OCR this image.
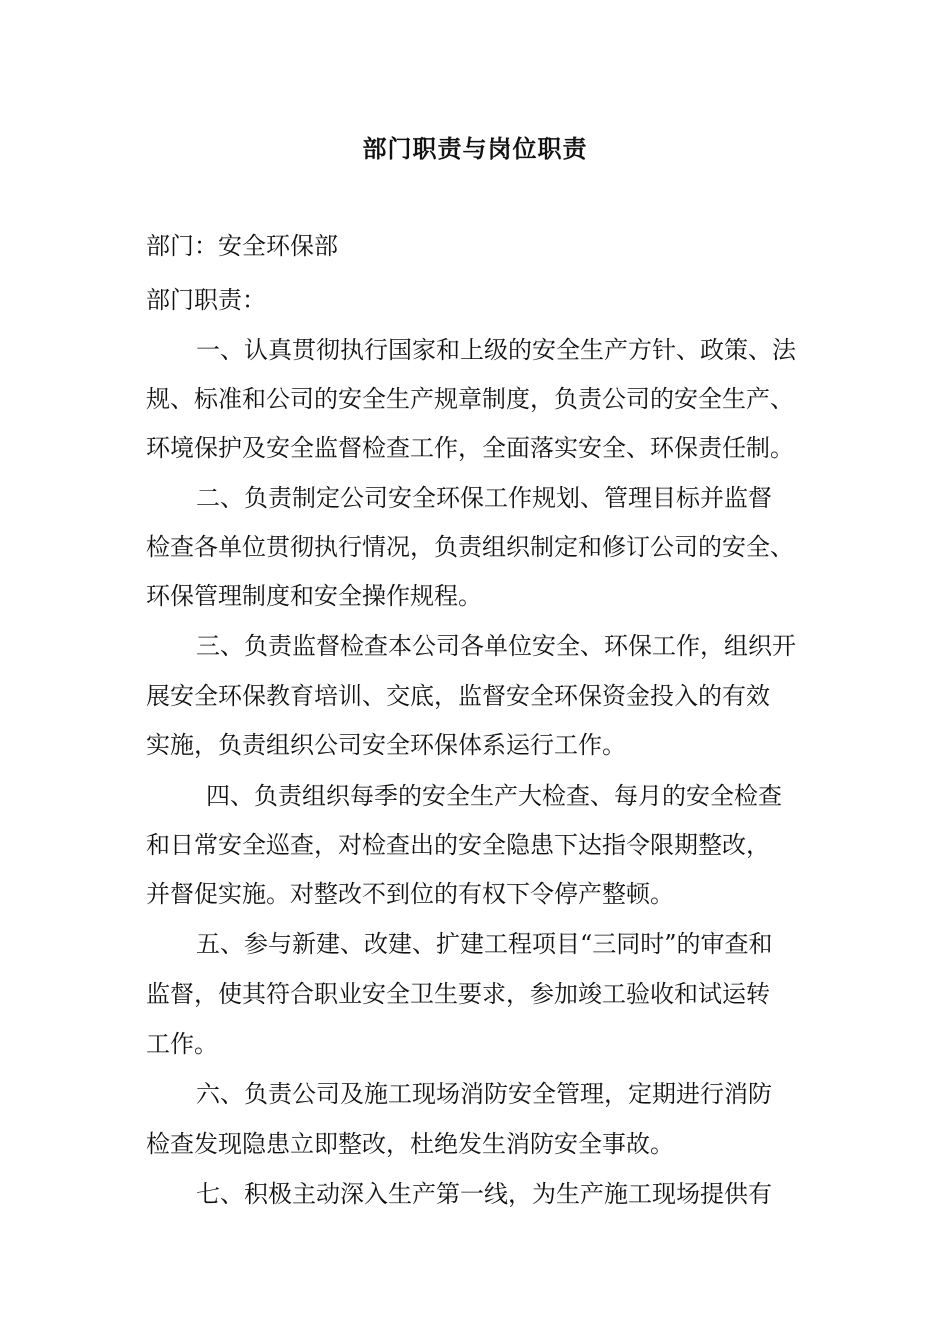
部门职责与岗位职责
部门：安全环保部
部门职责：
一、认真贯彻执行国家和上级的安全生产方针、政策、法
规、标准和公司的安全生产规章制度，负责公司的安全生产、
环境保护及安全监督检查工作，全面落实安全、环保责任制。
二、负责制定公司安全环保工作规划、管理目标并监督
检查各单位贯彻执行情况，负责组织制定和修订公司的安全、
环保管理制度和安全操作规程。
三、负责监督检查本公司各单位安全、环保工作，组织开
展安全环保教育培训、交底，监督安全环保资金投入的有效
实施，负责组织公司安全环保体系运行工作。
四、负责组织每季的安全生产大检查、每月的安全检查
和日常安全巡查，对检查出的安全隐患下达指令限期整改，
并督促实施。对整改不到位的有权下令停产整顿。
五、参与新建、改建、扩建工程项目“三同时”的审查和
监督，使其符合职业安全卫生要求，参加竣工验收和试运转
工作。
六、负责公司及施工现场消防安全管理，定期进行消防
检查发现隐患立即整改，杜绝发生消防安全事故。
七、积极主动深入生产第一线，为生产施工现场提供有
